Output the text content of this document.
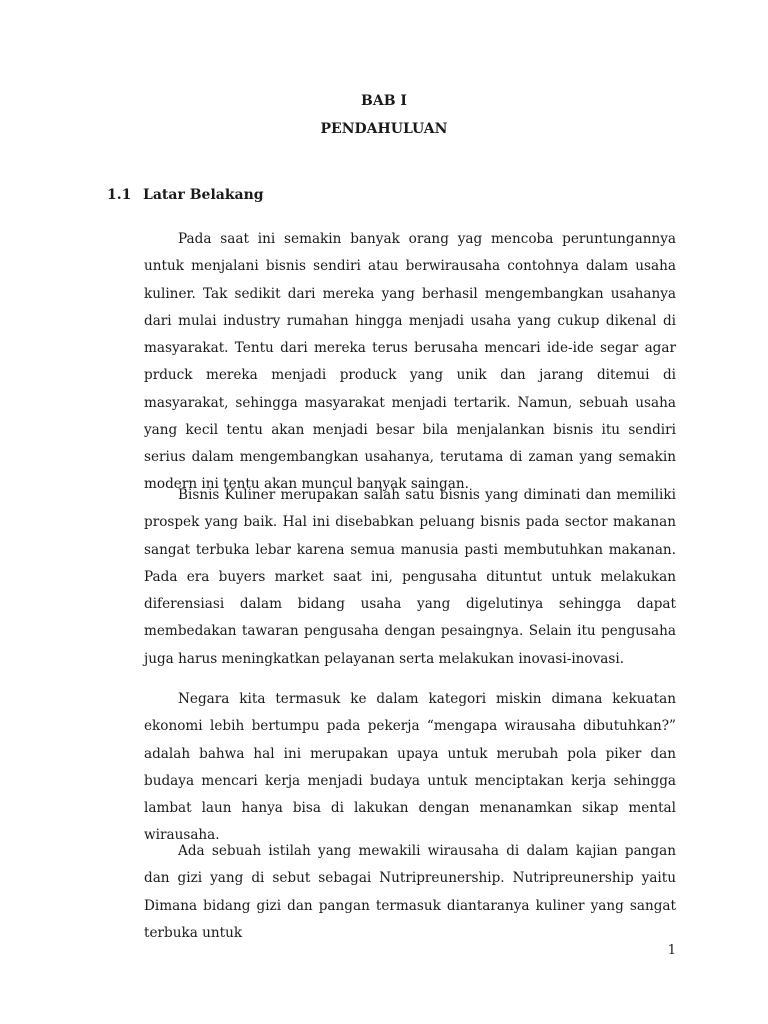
BAB I

PENDAHULUAN

1.1 Latar Belakang

Pada saat ini semakin banyak orang yag mencoba peruntungannya untuk menjalani bisnis sendiri atau berwirausaha contohnya dalam usaha kuliner. Tak sedikit dari mereka yang berhasil mengembangkan usahanya dari mulai industry rumahan hingga menjadi usaha yang cukup dikenal di masyarakat. Tentu dari mereka terus berusaha mencari ide-ide segar agar prduck mereka menjadi produck yang unik dan jarang ditemui di masyarakat, sehingga masyarakat menjadi tertarik. Namun, sebuah usaha yang kecil tentu akan menjadi besar bila menjalankan bisnis itu sendiri serius dalam mengembangkan usahanya, terutama di zaman yang semakin modern ini tentu akan muncul banyak saingan.

Bisnis Kuliner merupakan salah satu bisnis yang diminati dan memiliki prospek yang baik. Hal ini disebabkan peluang bisnis pada sector makanan sangat terbuka lebar karena semua manusia pasti membutuhkan makanan. Pada era buyers market saat ini, pengusaha dituntut untuk melakukan diferensiasi dalam bidang usaha yang digelutinya sehingga dapat membedakan tawaran pengusaha dengan pesaingnya. Selain itu pengusaha juga harus meningkatkan pelayanan serta melakukan inovasi-inovasi.

Negara kita termasuk ke dalam kategori miskin dimana kekuatan ekonomi lebih bertumpu pada pekerja “mengapa wirausaha dibutuhkan?” adalah bahwa hal ini merupakan upaya untuk merubah pola piker dan budaya mencari kerja menjadi budaya untuk menciptakan kerja sehingga lambat laun hanya bisa di lakukan dengan menanamkan sikap mental wirausaha.

Ada sebuah istilah yang mewakili wirausaha di dalam kajian pangan dan gizi yang di sebut sebagai Nutripreunership. Nutripreunership yaitu Dimana bidang gizi dan pangan termasuk diantaranya kuliner yang sangat terbuka untuk

1
